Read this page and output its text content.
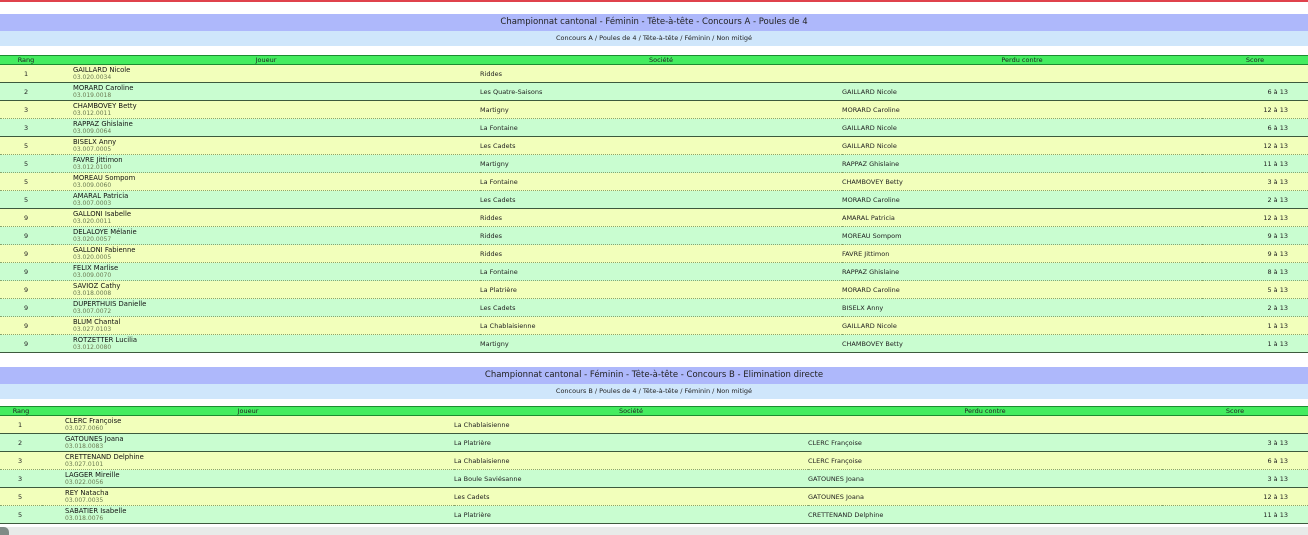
Championnat cantonal - Féminin - Tête-à-tête - Concours A - Poules de 4
Concours A / Poules de 4 / Tête-à-tête / Féminin / Non mitigé
Rang	Joueur	Société	Perdu contre	Score
1	GAILLARD Nicole
03.020.0034	Riddes		
2	MORARD Caroline
03.019.0018	Les Quatre-Saisons	GAILLARD Nicole	6 à 13
3	CHAMBOVEY Betty
03.012.0011	Martigny	MORARD Caroline	12 à 13
3	RAPPAZ Ghislaine
03.009.0064	La Fontaine	GAILLARD Nicole	6 à 13
5	BISELX Anny
03.007.0005	Les Cadets	GAILLARD Nicole	12 à 13
5	FAVRE Jittimon
03.012.0100	Martigny	RAPPAZ Ghislaine	11 à 13
5	MOREAU Sompom
03.009.0060	La Fontaine	CHAMBOVEY Betty	3 à 13
5	AMARAL Patricia
03.007.0003	Les Cadets	MORARD Caroline	2 à 13
9	GALLONI Isabelle
03.020.0011	Riddes	AMARAL Patricia	12 à 13
9	DELALOYE Mélanie
03.020.0057	Riddes	MOREAU Sompom	9 à 13
9	GALLONI Fabienne
03.020.0005	Riddes	FAVRE Jittimon	9 à 13
9	FELIX Marlise
03.009.0070	La Fontaine	RAPPAZ Ghislaine	8 à 13
9	SAVIOZ Cathy
03.018.0008	La Platrière	MORARD Caroline	5 à 13
9	DUPERTHUIS Danielle
03.007.0072	Les Cadets	BISELX Anny	2 à 13
9	BLUM Chantal
03.027.0103	La Chablaisienne	GAILLARD Nicole	1 à 13
9	ROTZETTER Lucilia
03.012.0080	Martigny	CHAMBOVEY Betty	1 à 13
Championnat cantonal - Féminin - Tête-à-tête - Concours B - Elimination directe
Concours B / Poules de 4 / Tête-à-tête / Féminin / Non mitigé
Rang	Joueur	Société	Perdu contre	Score
1	CLERC Françoise
03.027.0060	La Chablaisienne		
2	GATOUNES Joana
03.018.0083	La Platrière	CLERC Françoise	3 à 13
3	CRETTENAND Delphine
03.027.0101	La Chablaisienne	CLERC Françoise	6 à 13
3	LAGGER Mireille
03.022.0056	La Boule Saviésanne	GATOUNES Joana	3 à 13
5	REY Natacha
03.007.0035	Les Cadets	GATOUNES Joana	12 à 13
5	SABATIER Isabelle
03.018.0076	La Platrière	CRETTENAND Delphine	11 à 13
